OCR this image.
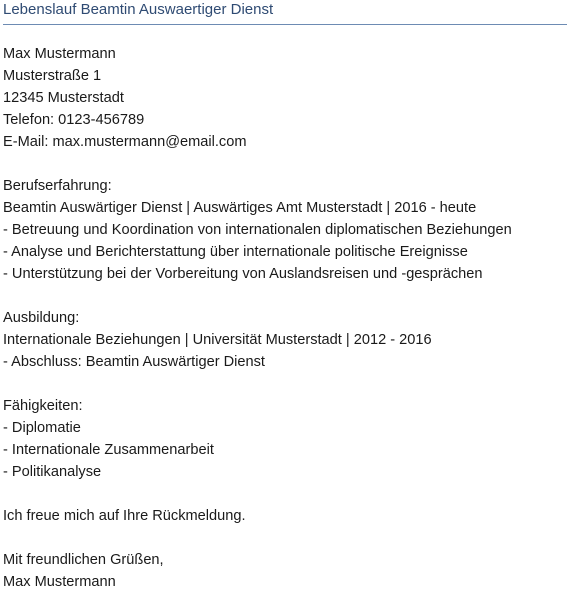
Lebenslauf Beamtin Auswaertiger Dienst
Max Mustermann
Musterstraße 1
12345 Musterstadt
Telefon: 0123-456789
E-Mail: max.mustermann@email.com
Berufserfahrung:
Beamtin Auswärtiger Dienst | Auswärtiges Amt Musterstadt | 2016 - heute
- Betreuung und Koordination von internationalen diplomatischen Beziehungen
- Analyse und Berichterstattung über internationale politische Ereignisse
- Unterstützung bei der Vorbereitung von Auslandsreisen und -gesprächen
Ausbildung:
Internationale Beziehungen | Universität Musterstadt | 2012 - 2016
- Abschluss: Beamtin Auswärtiger Dienst
Fähigkeiten:
- Diplomatie
- Internationale Zusammenarbeit
- Politikanalyse
Ich freue mich auf Ihre Rückmeldung.
Mit freundlichen Grüßen,
Max Mustermann
